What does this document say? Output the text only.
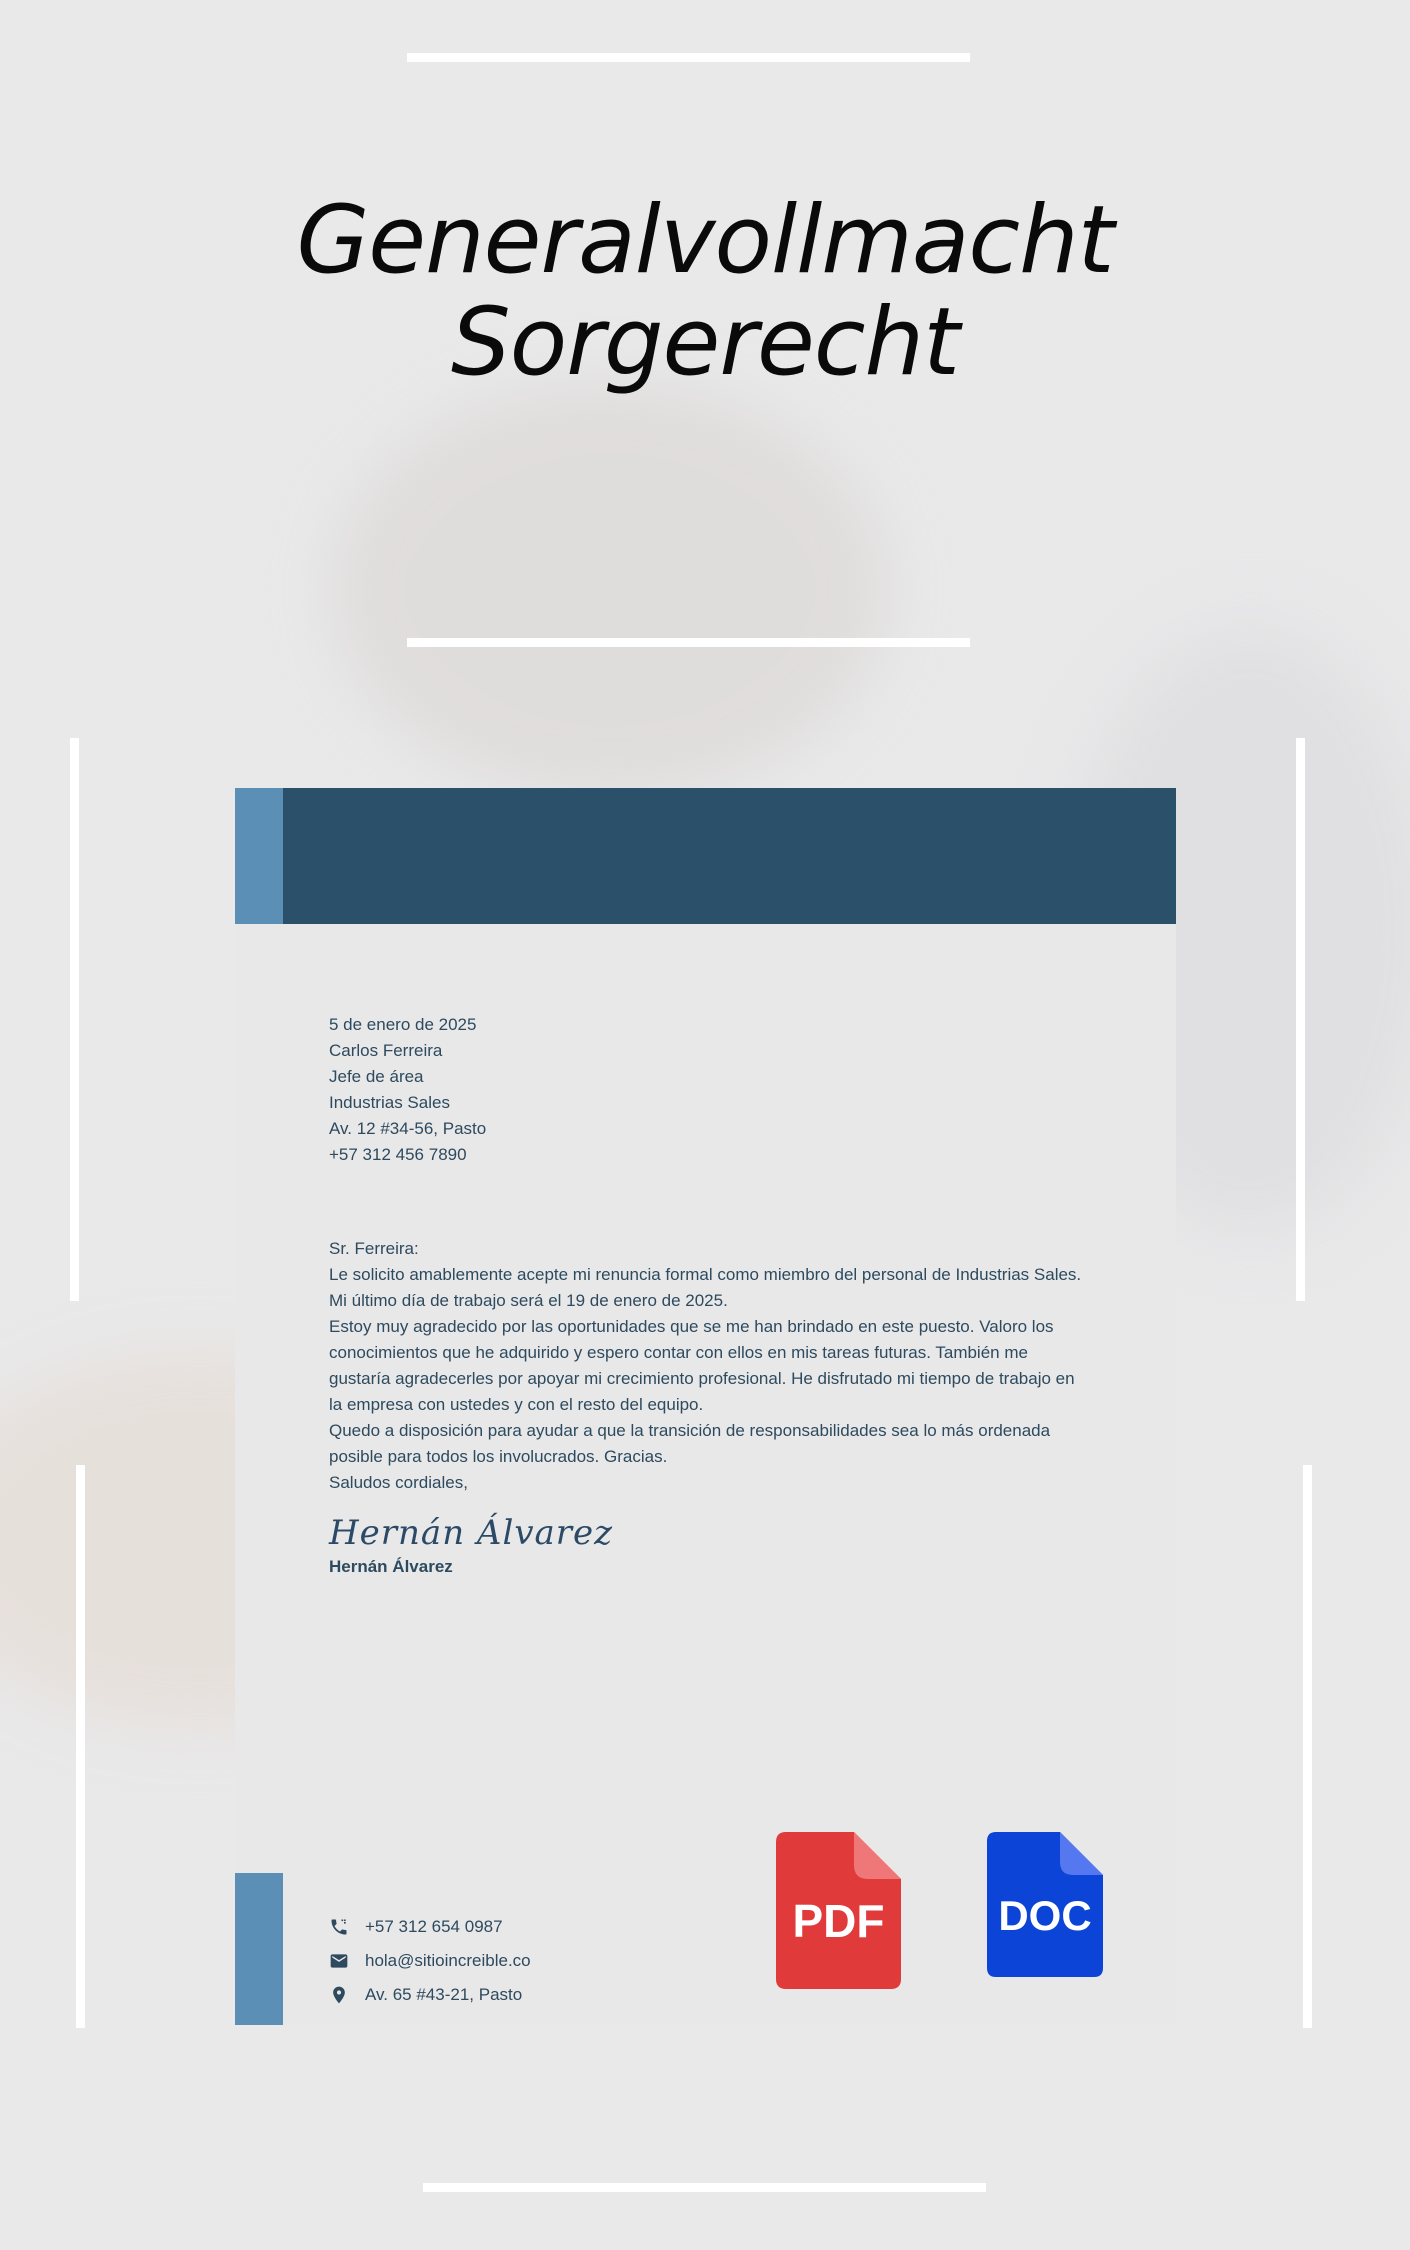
Generalvollmacht
Sorgerecht

5 de enero de 2025

Carlos Ferreira

Jefe de área

Industrias Sales

Av. 12 #34-56, Pasto

+57 312 456 7890

Sr. Ferreira:

Le solicito amablemente acepte mi renuncia formal como miembro del personal de Industrias Sales. Mi último día de trabajo será el 19 de enero de 2025.

Estoy muy agradecido por las oportunidades que se me han brindado en este puesto. Valoro los conocimientos que he adquirido y espero contar con ellos en mis tareas futuras. También me gustaría agradecerles por apoyar mi crecimiento profesional. He disfrutado mi tiempo de trabajo en la empresa con ustedes y con el resto del equipo.

Quedo a disposición para ayudar a que la transición de responsabilidades sea lo más ordenada posible para todos los involucrados. Gracias.

Saludos cordiales,

Hernán Álvarez

Hernán Álvarez

+57 312 654 0987
hola@sitioincreible.co
Av. 65 #43-21, Pasto
PDF	DOC
